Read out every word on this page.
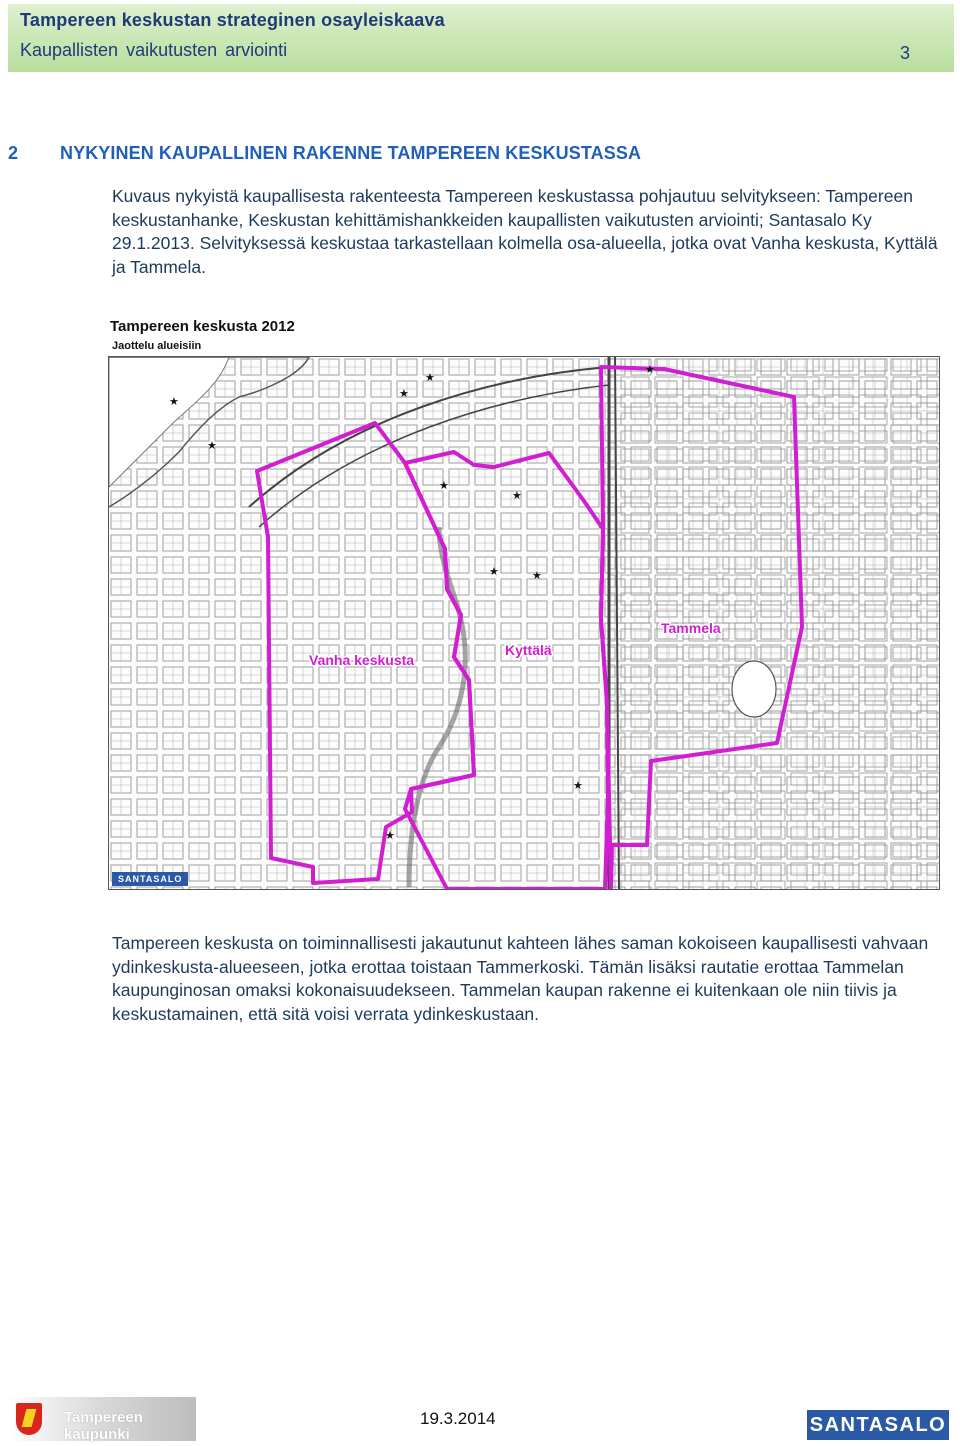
Tampereen keskustan strateginen osayleiskaava
Kaupallisten vaikutusten arviointi	3
2 NYKYINEN KAUPALLINEN RAKENNE TAMPEREEN KESKUSTASSA
Kuvaus nykyistä kaupallisesta rakenteesta Tampereen keskustassa pohjautuu selvitykseen: Tampereen keskustanhanke, Keskustan kehittämishankkeiden kaupallisten vaikutusten arviointi; Santasalo Ky 29.1.2013. Selvityksessä keskustaa tarkastellaan kolmella osa-alueella, jotka ovat Vanha keskusta, Kyttälä ja Tammela.
Tampereen keskusta 2012
Jaottelu alueisiin
★
★
★
★
★
★
★
★
★
★
★
Vanha keskusta
Kyttälä
Tammela
SANTASALO
Tampereen keskusta on toiminnallisesti jakautunut kahteen lähes saman kokoiseen kaupallisesti vahvaan ydinkeskusta-alueeseen, jotka erottaa toistaan Tammerkoski. Tämän lisäksi rautatie erottaa Tammelan kaupunginosan omaksi kokonaisuudekseen. Tammelan kaupan rakenne ei kuitenkaan ole niin tiivis ja keskustamainen, että sitä voisi verrata ydinkeskustaan.
Tampereen kaupunki
19.3.2014	SANTASALO
